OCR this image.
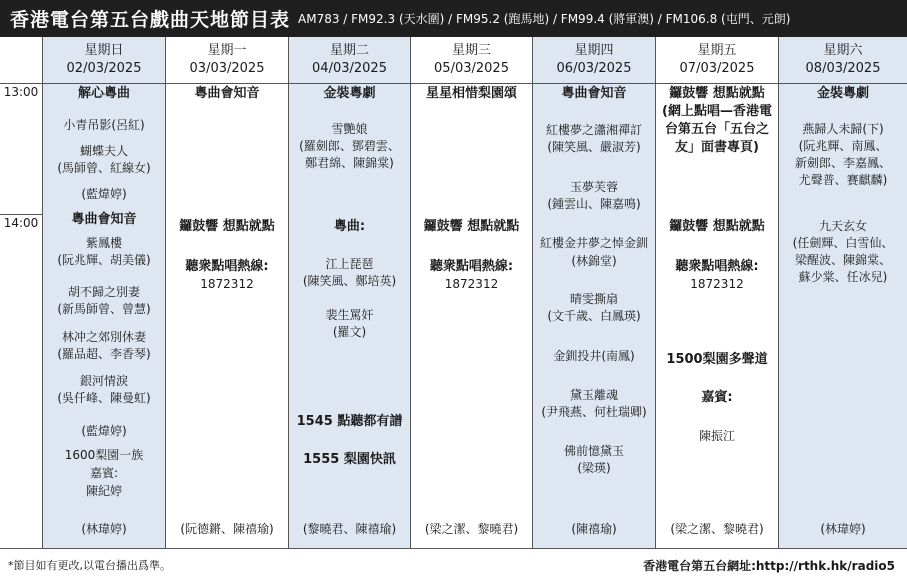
香港電台第五台戲曲天地節目表 AM783 / FM92.3 (天水圍) / FM95.2 (跑馬地) / FM99.4 (將軍澳) / FM106.8 (屯門、元朗)
13:00
14:00
星期日
02/03/2025
解心粵曲
小青吊影(呂紅)
蝴蝶夫人
(馬師曾、紅線女)
(藍煒婷)
粵曲會知音
紫鳳樓
(阮兆輝、胡美儀)
胡不歸之別妻
(新馬師曾、曾慧)
林冲之郊別休妻
(羅品超、李香琴)
銀河情淚
(吳仟峰、陳曼虹)
(藍煒婷)
1600梨園一族
嘉賓:
陳紀婷
(林瑋婷)
星期一
03/03/2025
粵曲會知音
鑼鼓響 想點就點
聽衆點唱熱線:
1872312
(阮德鏘、陳禧瑜)
星期二
04/03/2025
金裝粵劇
雪艷娘
(羅劍郎、鄧碧雲、
鄭君綿、陳錦棠)
粵曲:
江上琵琶
(陳笑風、鄭培英)
裴生罵奸
(羅文)
1545 點聽都有譜
1555 梨園快訊
(黎曉君、陳禧瑜)
星期三
05/03/2025
星星相惜梨園頌
鑼鼓響 想點就點
聽衆點唱熱線:
1872312
(梁之潔、黎曉君)
星期四
06/03/2025
粵曲會知音
紅樓夢之瀟湘禪訂
(陳笑風、嚴淑芳)
玉夢芙蓉
(鍾雲山、陳嘉鳴)
紅樓金井夢之悼金釧
(林錦堂)
晴雯撕扇
(文千歲、白鳳瑛)
金釧投井(南鳳)
黛玉離魂
(尹飛燕、何杜瑞卿)
佛前憶黛玉
(梁瑛)
(陳禧瑜)
星期五
07/03/2025
鑼鼓響 想點就點
(網上點唱—香港電
台第五台「五台之
友」面書專頁)
鑼鼓響 想點就點
聽衆點唱熱線:
1872312
1500梨園多聲道
嘉賓:
陳振江
(梁之潔、黎曉君)
星期六
08/03/2025
金裝粵劇
燕歸人未歸(下)
(阮兆輝、南鳳、
新劍郎、李嘉鳳、
尤聲普、賽麒麟)
九天玄女
(任劍輝、白雪仙、
梁醒波、陳錦棠、
蘇少棠、任冰兒)
(林瑋婷)
*節目如有更改,以電台播出爲準。	香港電台第五台網址:http://rthk.hk/radio5
